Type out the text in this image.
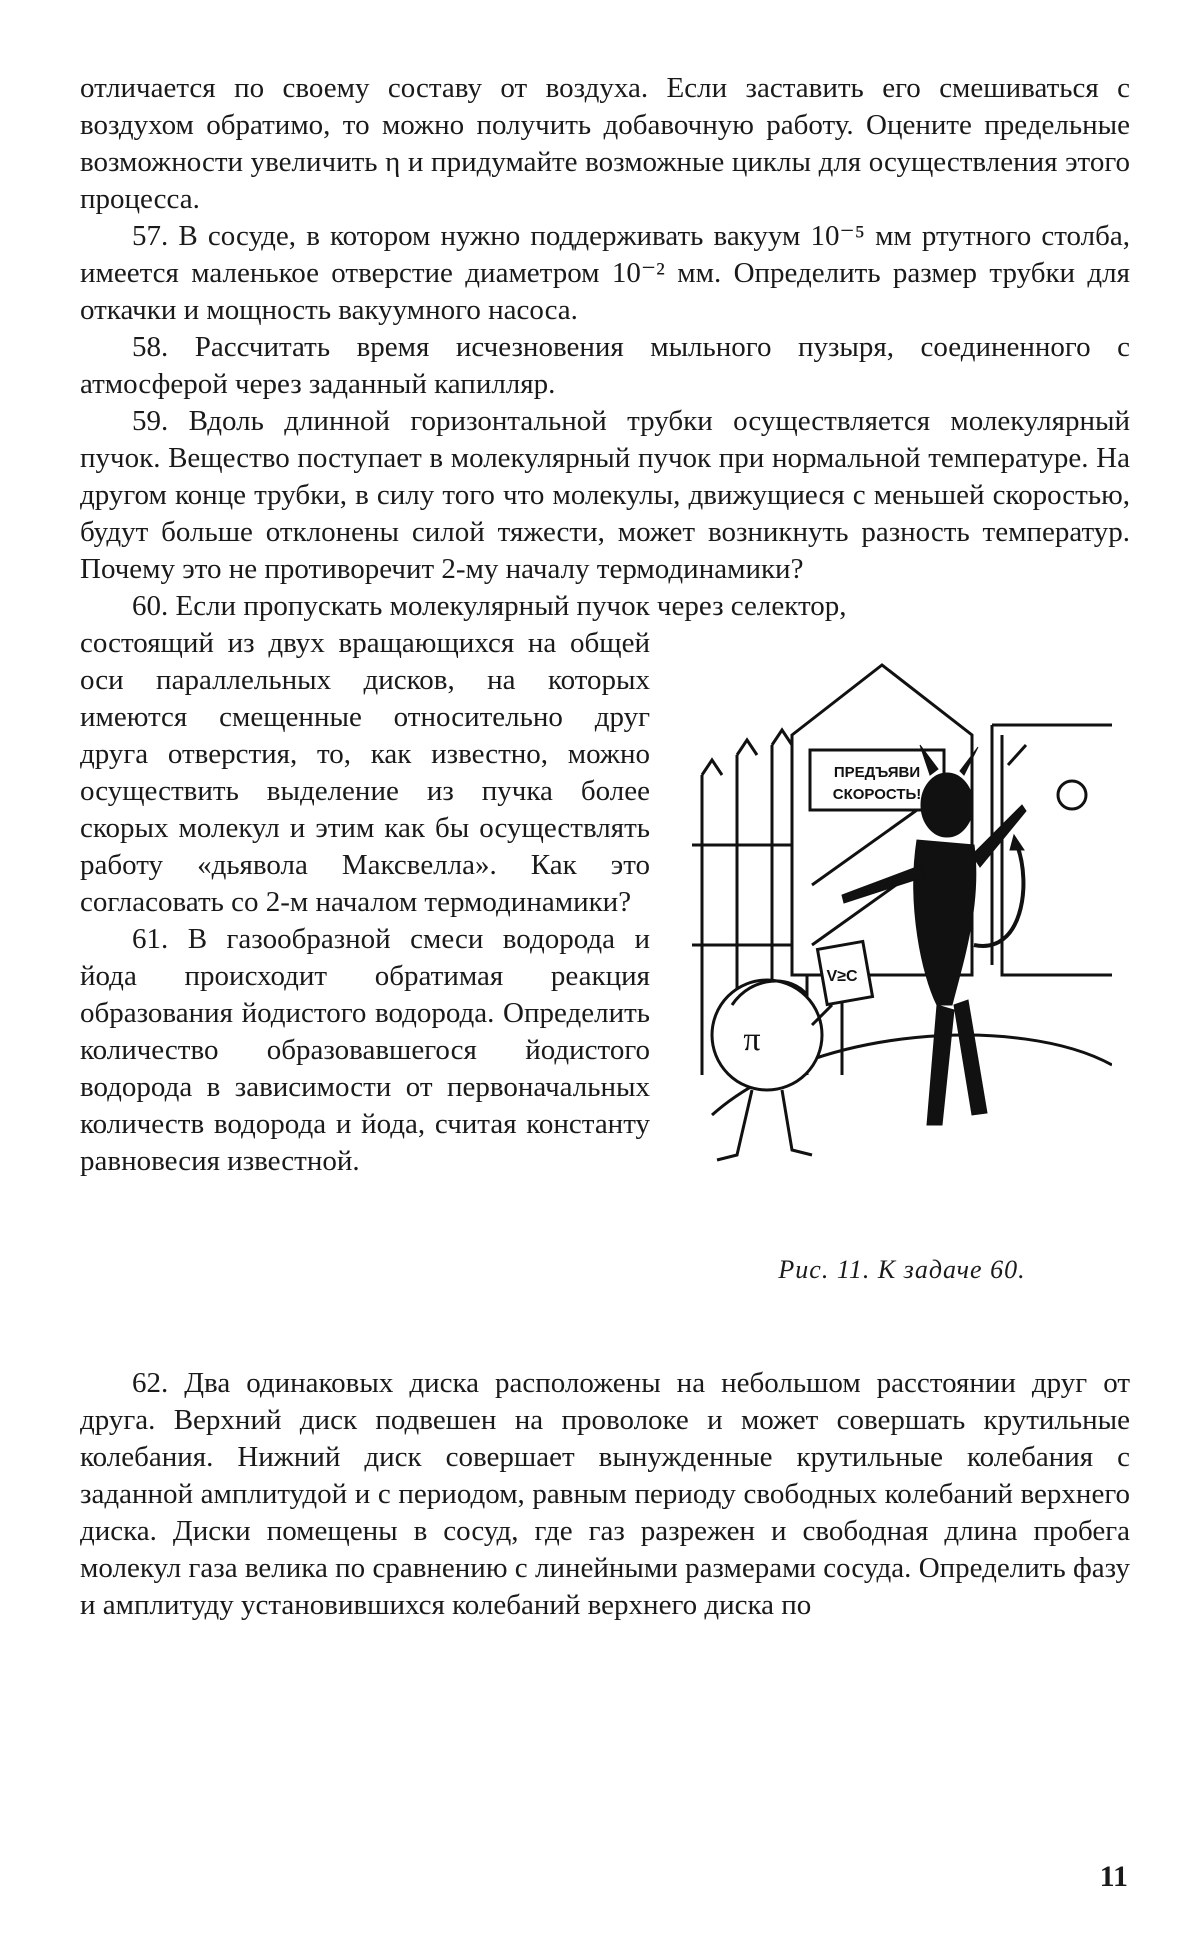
отличается по своему составу от воздуха. Если заставить его смешиваться с воздухом обратимо, то можно получить добавочную работу. Оцените предельные возможности увеличить η и придумайте возможные циклы для осуществления этого процесса.

57. В сосуде, в котором нужно поддерживать вакуум 10⁻⁵ мм ртутного столба, имеется маленькое отверстие диаметром 10⁻² мм. Определить размер трубки для откачки и мощность вакуумного насоса.

58. Рассчитать время исчезновения мыльного пузыря, соединенного с атмосферой через заданный капилляр.

59. Вдоль длинной горизонтальной трубки осуществляется молекулярный пучок. Вещество поступает в молекулярный пучок при нормальной температуре. На другом конце трубки, в силу того что молекулы, движущиеся с меньшей скоростью, будут больше отклонены силой тяжести, может возникнуть разность температур. Почему это не противоречит 2-му началу термодинамики?

60. Если пропускать молекулярный пучок через селектор,

состоящий из двух вращающихся на общей оси параллельных дисков, на которых имеются смещенные относительно друг друга отверстия, то, как известно, можно осуществить выделение из пучка более скорых молекул и этим как бы осуществлять работу «дьявола Максвелла». Как это согласовать со 2-м началом термодинамики?

61. В газообразной смеси водорода и йода происходит обратимая реакция образования йодистого водорода. Определить количество образовавшегося йодистого водорода в зависимости от первоначальных количеств водорода и йода, считая константу равновесия известной.

ПРЕДЪЯВИ
СКОРОСТЬ!
V≥C
π
Рис. 11. К задаче 60.

62. Два одинаковых диска расположены на небольшом расстоянии друг от друга. Верхний диск подвешен на проволоке и может совершать крутильные колебания. Нижний диск совершает вынужденные крутильные колебания с заданной амплитудой и с периодом, равным периоду свободных колебаний верхнего диска. Диски помещены в сосуд, где газ разрежен и свободная длина пробега молекул газа велика по сравнению с линейными размерами сосуда. Определить фазу и амплитуду установившихся колебаний верхнего диска по

11
